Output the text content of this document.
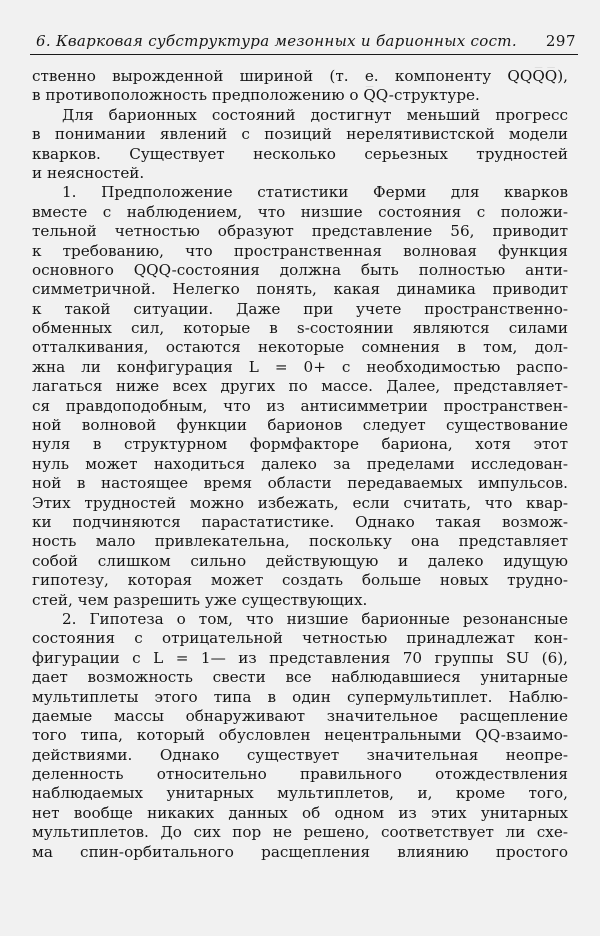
6. Кварковая субструктура мезонных и барионных сост. 297
ственно вырожденной шириной (т. е. компоненту QQQ̅Q̅),
в противоположность предположению о Q̅Q-структуре.
Для барионных состояний достигнут меньший прогресс
в понимании явлений с позиций нерелятивистской модели
кварков. Существует несколько серьезных трудностей
и неясностей.
1. Предположение статистики Ферми для кварков
вместе с наблюдением, что низшие состояния с положи-
тельной четностью образуют представление 56, приводит
к требованию, что пространственная волновая функция
основного QQQ-состояния должна быть полностью анти-
симметричной. Нелегко понять, какая динамика приводит
к такой ситуации. Даже при учете пространственно-
обменных сил, которые в s-состоянии являются силами
отталкивания, остаются некоторые сомнения в том, дол-
жна ли конфигурация L = 0+ с необходимостью распо-
лагаться ниже всех других по массе. Далее, представляет-
ся правдоподобным, что из антисимметрии пространствен-
ной волновой функции барионов следует существование
нуля в структурном формфакторе бариона, хотя этот
нуль может находиться далеко за пределами исследован-
ной в настоящее время области передаваемых импульсов.
Этих трудностей можно избежать, если считать, что квар-
ки подчиняются парастатистике. Однако такая возмож-
ность мало привлекательна, поскольку она представляет
собой слишком сильно действующую и далеко идущую
гипотезу, которая может создать больше новых трудно-
стей, чем разрешить уже существующих.
2. Гипотеза о том, что низшие барионные резонансные
состояния с отрицательной четностью принадлежат кон-
фигурации с L = 1— из представления 70 группы SU (6),
дает возможность свести все наблюдавшиеся унитарные
мультиплеты этого типа в один супермультиплет. Наблю-
даемые массы обнаруживают значительное расщепление
того типа, который обусловлен нецентральными QQ-взаимо-
действиями. Однако существует значительная неопре-
деленность относительно правильного отождествления
наблюдаемых унитарных мультиплетов, и, кроме того,
нет вообще никаких данных об одном из этих унитарных
мультиплетов. До сих пор не решено, соответствует ли схе-
ма спин-орбитального расщепления влиянию простого
